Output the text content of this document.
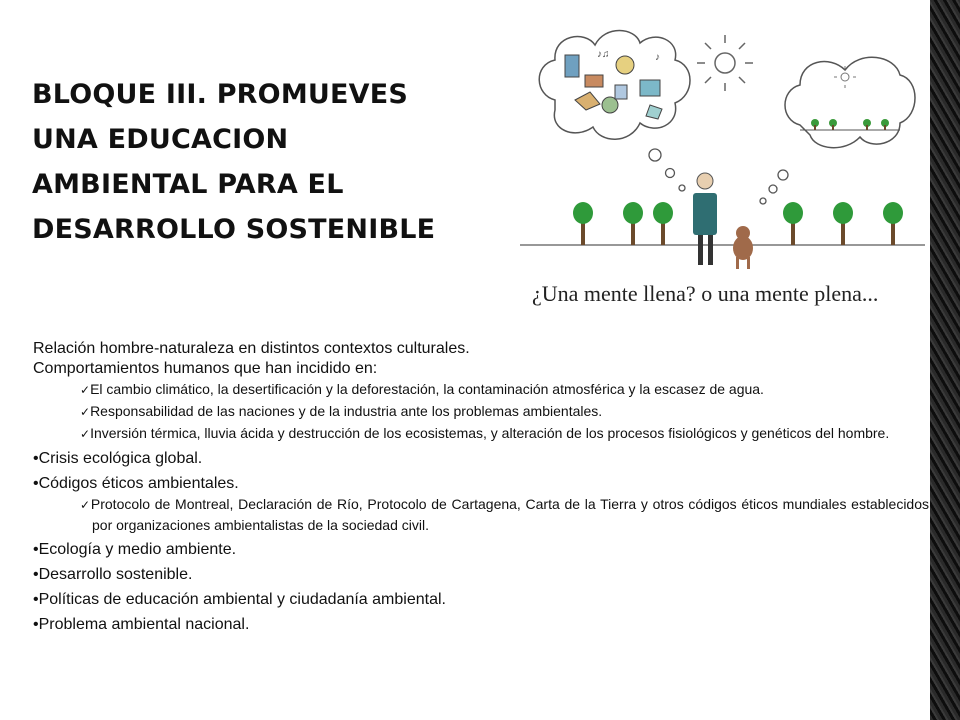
BLOQUE III. PROMUEVES
UNA EDUCACION
AMBIENTAL PARA EL
DESARROLLO SOSTENIBLE
♪♫	♪
¿Una mente llena? o una mente plena...

Relación hombre-naturaleza en distintos contextos culturales.

Comportamientos humanos que han incidido en:

✓El cambio climático, la desertificación y la deforestación, la contaminación atmosférica y la escasez de agua.

✓Responsabilidad de las naciones y de la industria ante los problemas ambientales.

✓Inversión térmica, lluvia ácida y destrucción de los ecosistemas, y alteración de los procesos fisiológicos y genéticos del hombre.

•Crisis ecológica global.

•Códigos éticos ambientales.

✓Protocolo de Montreal, Declaración de Río, Protocolo de Cartagena, Carta de la Tierra y otros códigos éticos mundiales establecidos por organizaciones ambientalistas de la sociedad civil.

•Ecología y medio ambiente.

•Desarrollo sostenible.

•Políticas de educación ambiental y ciudadanía ambiental.

•Problema ambiental nacional.
